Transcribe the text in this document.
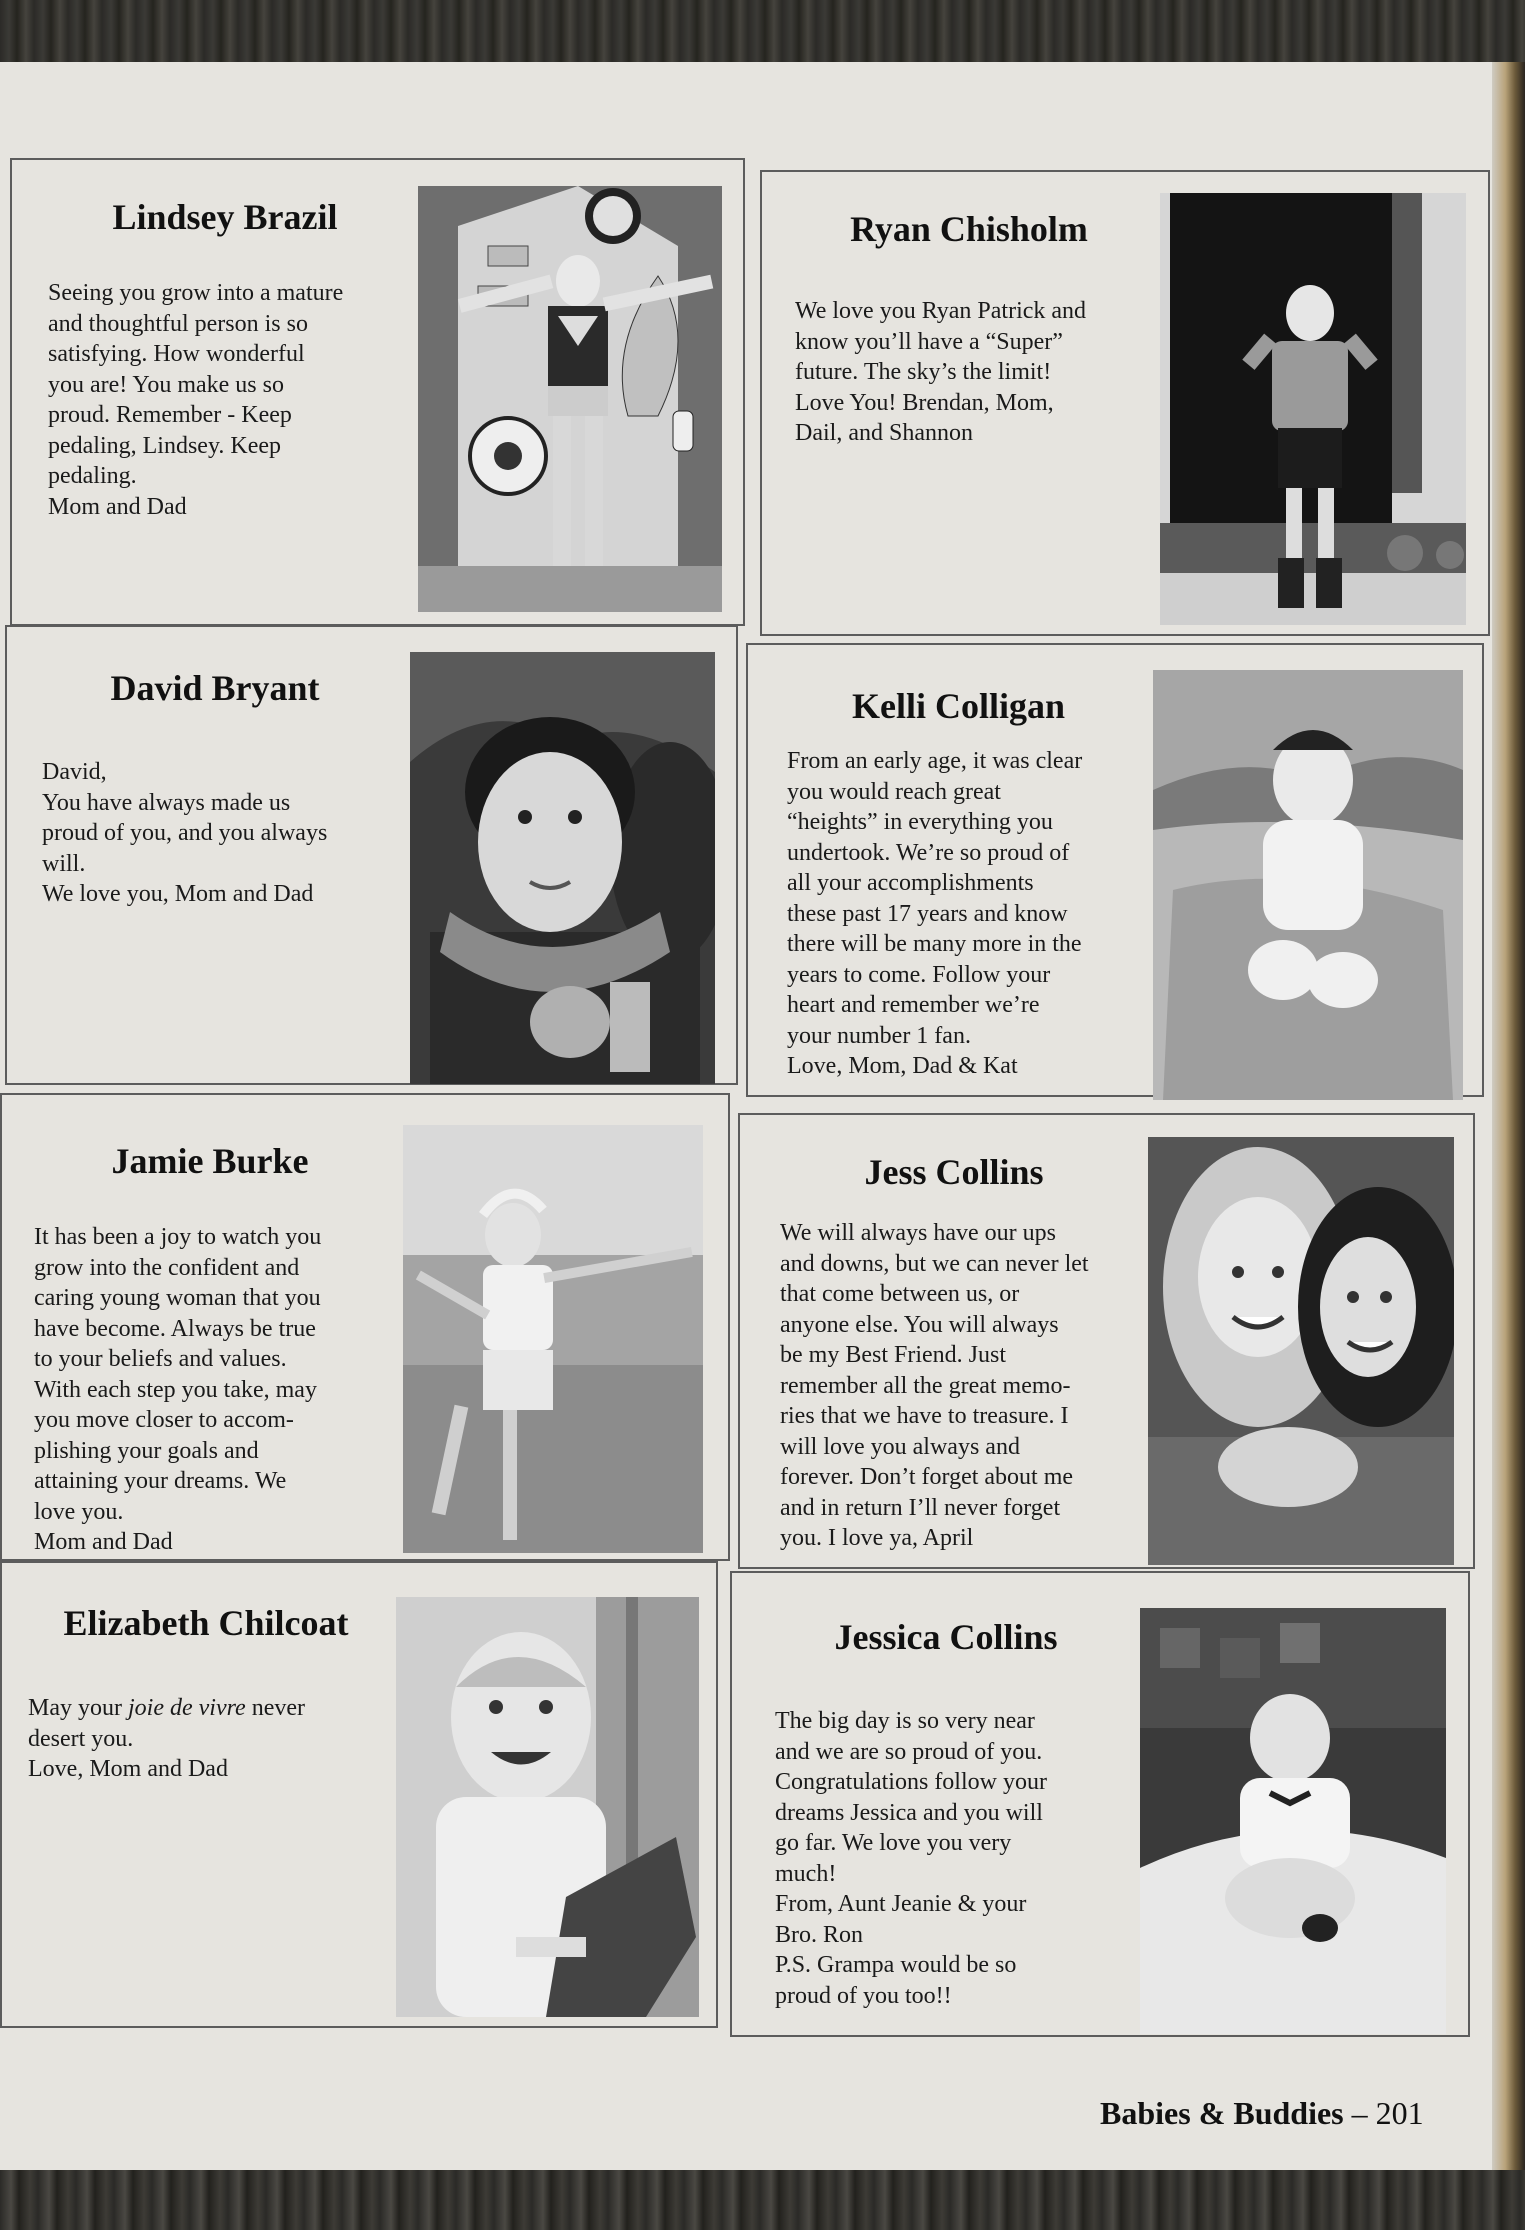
Lindsey Brazil
Seeing you grow into a mature
and thoughtful person is so
satisfying. How wonderful
you are! You make us so
proud. Remember - Keep
pedaling, Lindsey. Keep
pedaling.
Mom and Dad
Ryan Chisholm
We love you Ryan Patrick and
know you’ll have a “Super”
future. The sky’s the limit!
Love You! Brendan, Mom,
Dail, and Shannon
David Bryant
David,
You have always made us
proud of you, and you always
will.
We love you, Mom and Dad
Kelli Colligan
From an early age, it was clear
you would reach great
“heights” in everything you
undertook. We’re so proud of
all your accomplishments
these past 17 years and know
there will be many more in the
years to come. Follow your
heart and remember we’re
your number 1 fan.
Love, Mom, Dad & Kat
Jamie Burke
It has been a joy to watch you
grow into the confident and
caring young woman that you
have become. Always be true
to your beliefs and values.
With each step you take, may
you move closer to accom-
plishing your goals and
attaining your dreams. We
love you.
Mom and Dad
Jess Collins
We will always have our ups
and downs, but we can never let
that come between us, or
anyone else. You will always
be my Best Friend. Just
remember all the great memo-
ries that we have to treasure. I
will love you always and
forever. Don’t forget about me
and in return I’ll never forget
you. I love ya, April
Elizabeth Chilcoat
May your joie de vivre never
desert you.
Love, Mom and Dad
Jessica Collins
The big day is so very near
and we are so proud of you.
Congratulations follow your
dreams Jessica and you will
go far. We love you very
much!
From, Aunt Jeanie & your
Bro. Ron
P.S. Grampa would be so
proud of you too!!
Babies & Buddies – 201
